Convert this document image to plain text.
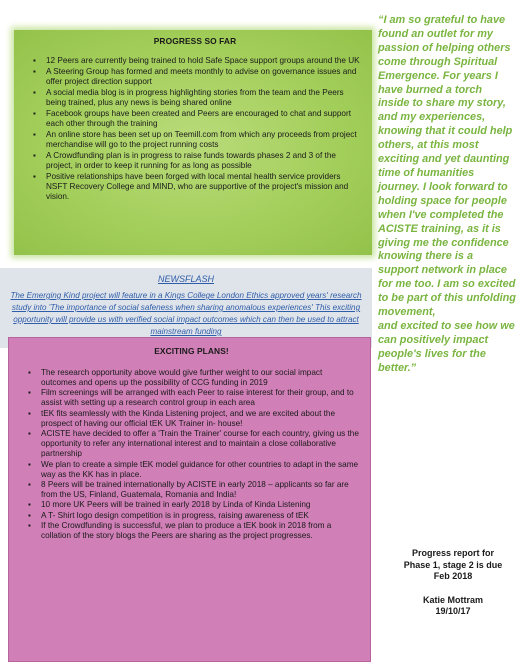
PROGRESS SO FAR
▪ 12 Peers are currently being trained to hold Safe Space support groups around the UK
▪ A Steering Group has formed and meets monthly to advise on governance issues and offer project direction support
▪ A social media blog is in progress highlighting stories from the team and the Peers being trained, plus any news is being shared online
▪ Facebook groups have been created and Peers are encouraged to chat and support each other through the training
▪ An online store has been set up on Teemill.com from which any proceeds from project merchandise will go to the project running costs
▪ A Crowdfunding plan is in progress to raise funds towards phases 2 and 3 of the project, in order to keep it running for as long as possible
▪ Positive relationships have been forged with local mental health service providers NSFT Recovery College and MIND, who are supportive of the project's mission and vision.
NEWSFLASH
The Emerging Kind project will feature in a Kings College London Ethics approved years' research study into 'The importance of social safeness when sharing anomalous experiences' This exciting opportunity will provide us with verified social impact outcomes which can then be used to attract mainstream funding
EXCITING PLANS!
▪ The research opportunity above would give further weight to our social impact outcomes and opens up the possibility of CCG funding in 2019
▪ Film screenings will be arranged with each Peer to raise interest for their group, and to assist with setting up a research control group in each area
▪ tEK fits seamlessly with the Kinda Listening project, and we are excited about the prospect of having our official tEK UK Trainer in- house!
▪ ACISTE have decided to offer a 'Train the Trainer' course for each country, giving us the opportunity to refer any international interest and to maintain a close collaborative partnership
▪ We plan to create a simple tEK model guidance for other countries to adapt in the same way as the KK has in place.
▪ 8 Peers will be trained internationally by ACISTE in early 2018 – applicants so far are from the US, Finland, Guatemala, Romania and India!
▪ 10 more UK Peers will be trained in early 2018 by Linda of Kinda Listening
▪ A T- Shirt logo design competition is in progress, raising awareness of tEK
▪ If the Crowdfunding is successful, we plan to produce a tEK book in 2018 from a collation of the story blogs the Peers are sharing as the project progresses.
“I am so grateful to have found an outlet for my passion of helping others come through Spiritual Emergence. For years I have burned a torch inside to share my story, and my experiences, knowing that it could help others, at this most exciting and yet daunting time of humanities journey. I look forward to holding space for people when I've completed the ACISTE training, as it is giving me the confidence knowing there is a support network in place for me too. I am so excited to be part of this unfolding movement,
and excited to see how we
can positively impact people's lives for the better.”
Progress report for Phase 1, stage 2 is due Feb 2018
Katie Mottram
19/10/17
